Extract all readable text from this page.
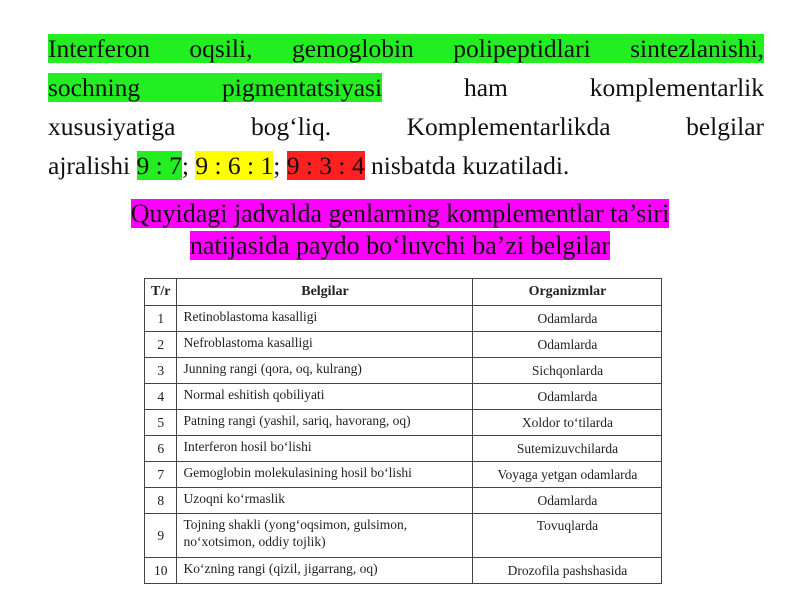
Interferon oqsili, gemoglobin polipeptidlari sintezlanishi,
sochning pigmentatsiyasi	ham komplementarlik
xususiyatiga bog‘liq. Komplementarlikda belgilar
ajralishi 9 : 7; 9 : 6 : 1; 9 : 3 : 4 nisbatda kuzatiladi.
Quyidagi jadvalda genlarning komplementlar ta’siri
natijasida paydo bo‘luvchi ba’zi belgilar
T/r	Belgilar	Organizmlar
1	Retinoblastoma kasalligi	Odamlarda
2	Nefroblastoma kasalligi	Odamlarda
3	Junning rangi (qora, oq, kulrang)	Sichqonlarda
4	Normal eshitish qobiliyati	Odamlarda
5	Patning rangi (yashil, sariq, havorang, oq)	Xoldor to‘tilarda
6	Interferon hosil bo‘lishi	Sutemizuvchilarda
7	Gemoglobin molekulasining hosil bo‘lishi	Voyaga yetgan odamlarda
8	Uzoqni ko‘rmaslik	Odamlarda
9	Tojning shakli (yong‘oqsimon, gulsimon, no‘xotsimon, oddiy tojlik)	Tovuqlarda
10	Ko‘zning rangi (qizil, jigarrang, oq)	Drozofila pashshasida
